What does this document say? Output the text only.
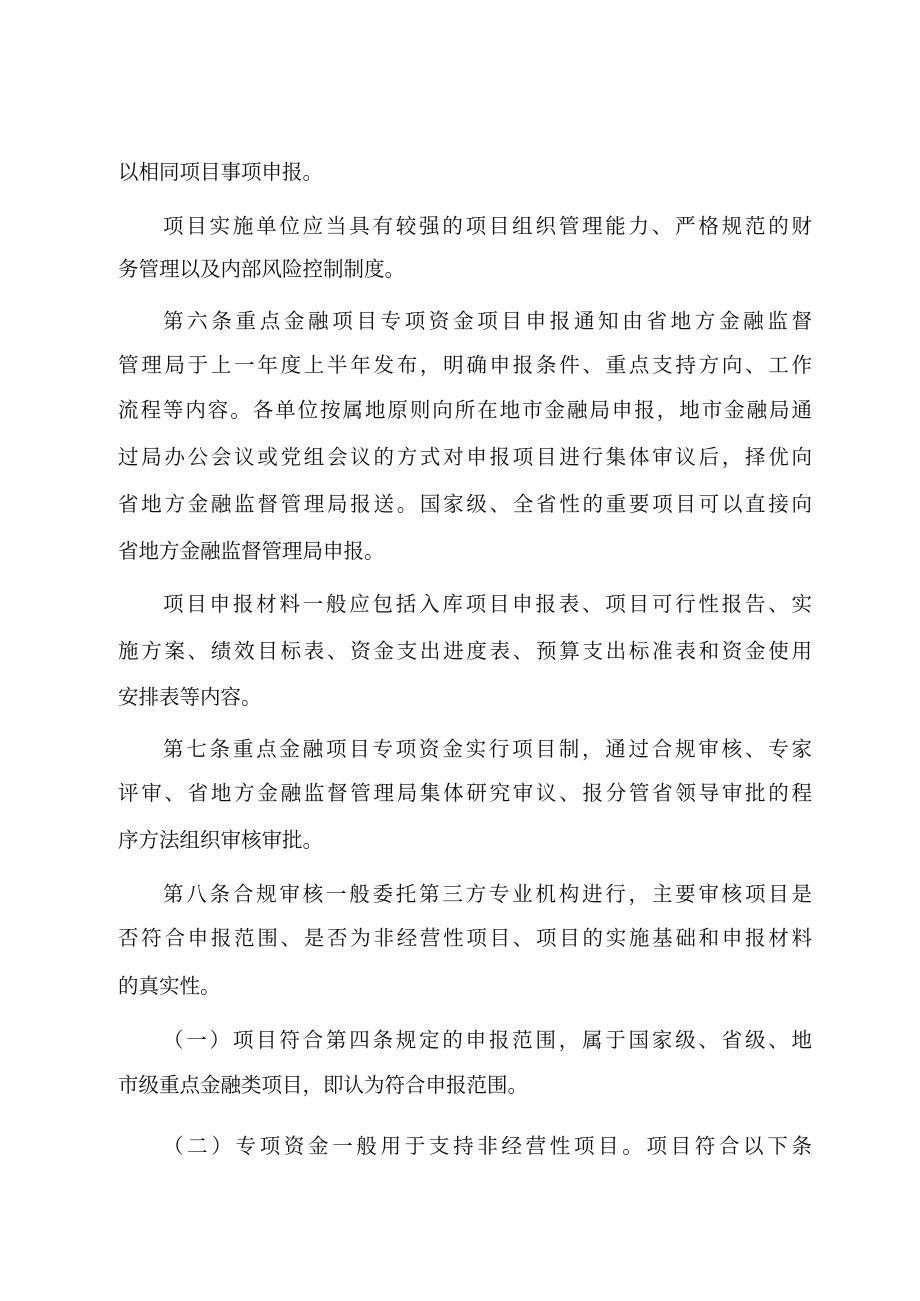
以相同项目事项申报。

项目实施单位应当具有较强的项目组织管理能力、严格规范的财

务管理以及内部风险控制制度。

第六条重点金融项目专项资金项目申报通知由省地方金融监督

管理局于上一年度上半年发布，明确申报条件、重点支持方向、工作

流程等内容。各单位按属地原则向所在地市金融局申报，地市金融局通

过局办公会议或党组会议的方式对申报项目进行集体审议后，择优向

省地方金融监督管理局报送。国家级、全省性的重要项目可以直接向

省地方金融监督管理局申报。

项目申报材料一般应包括入库项目申报表、项目可行性报告、实

施方案、绩效目标表、资金支出进度表、预算支出标准表和资金使用

安排表等内容。

第七条重点金融项目专项资金实行项目制，通过合规审核、专家

评审、省地方金融监督管理局集体研究审议、报分管省领导审批的程

序方法组织审核审批。

第八条合规审核一般委托第三方专业机构进行，主要审核项目是

否符合申报范围、是否为非经营性项目、项目的实施基础和申报材料

的真实性。

（一）项目符合第四条规定的申报范围，属于国家级、省级、地

市级重点金融类项目，即认为符合申报范围。

（二）专项资金一般用于支持非经营性项目。项目符合以下条
